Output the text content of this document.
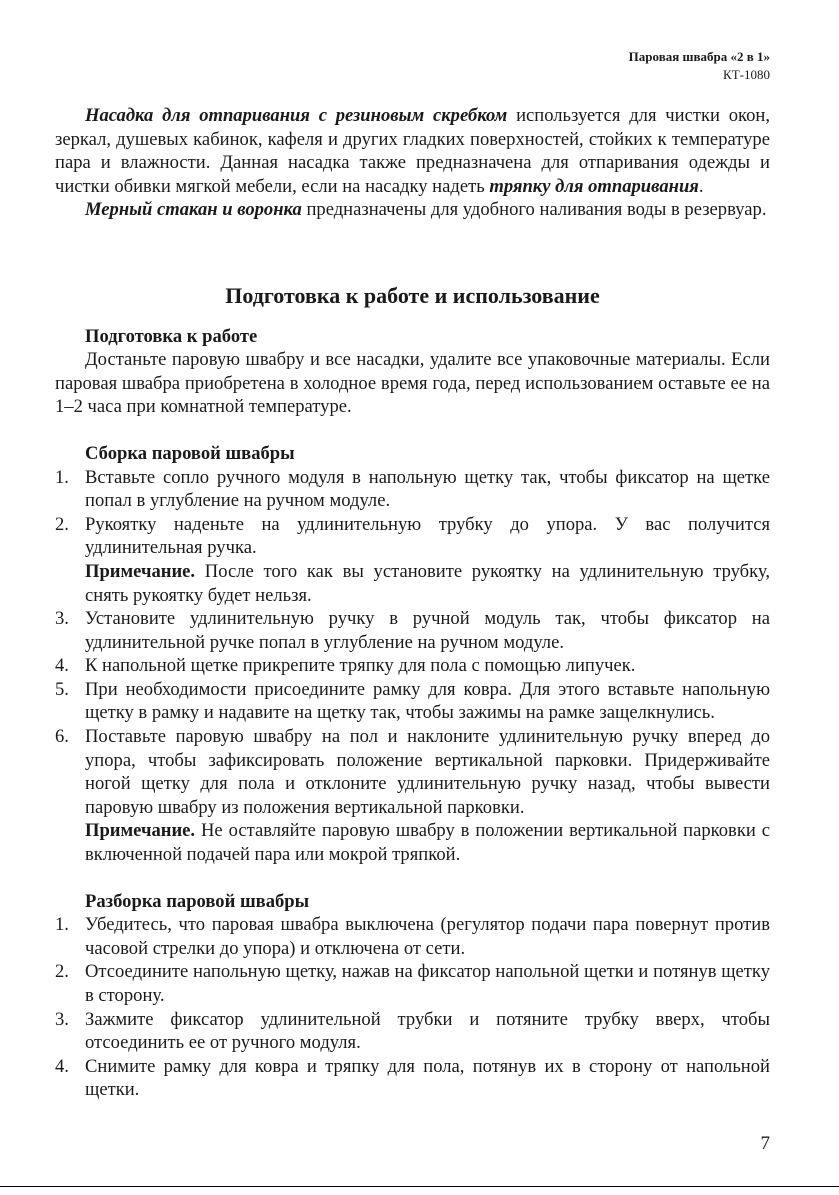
Паровая швабра «2 в 1»
КТ-1080

Насадка для отпаривания с резиновым скребком используется для чистки окон, зеркал, душевых кабинок, кафеля и других гладких поверхностей, стойких к температуре пара и влажности. Данная насадка также предназначена для отпаривания одежды и чистки обивки мягкой мебели, если на насадку надеть тряпку для отпаривания.

Мерный стакан и воронка предназначены для удобного наливания воды в резервуар.

Подготовка к работе и использование

Подготовка к работе

Достаньте паровую швабру и все насадки, удалите все упаковочные материалы. Если паровая швабра приобретена в холодное время года, перед использованием оставьте ее на 1–2 часа при комнатной температуре.

Сборка паровой швабры

1. Вставьте сопло ручного модуля в напольную щетку так, чтобы фиксатор на щетке попал в углубление на ручном модуле.
2. Рукоятку наденьте на удлинительную трубку до упора. У вас получится удлинительная ручка.

Примечание. После того как вы установите рукоятку на удлинительную трубку, снять рукоятку будет нельзя.

3. Установите удлинительную ручку в ручной модуль так, чтобы фиксатор на удлинительной ручке попал в углубление на ручном модуле.
4. К напольной щетке прикрепите тряпку для пола с помощью липучек.
5. При необходимости присоедините рамку для ковра. Для этого вставьте напольную щетку в рамку и надавите на щетку так, чтобы зажимы на рамке защелкнулись.
6. Поставьте паровую швабру на пол и наклоните удлинительную ручку вперед до упора, чтобы зафиксировать положение вертикальной парковки. Придерживайте ногой щетку для пола и отклоните удлинительную ручку назад, чтобы вывести паровую швабру из положения вертикальной парковки.

Примечание. Не оставляйте паровую швабру в положении вертикальной парковки с включенной подачей пара или мокрой тряпкой.

Разборка паровой швабры

1. Убедитесь, что паровая швабра выключена (регулятор подачи пара повернут против часовой стрелки до упора) и отключена от сети.
2. Отсоедините напольную щетку, нажав на фиксатор напольной щетки и потянув щетку в сторону.
3. Зажмите фиксатор удлинительной трубки и потяните трубку вверх, чтобы отсоединить ее от ручного модуля.
4. Снимите рамку для ковра и тряпку для пола, потянув их в сторону от напольной щетки.
7
